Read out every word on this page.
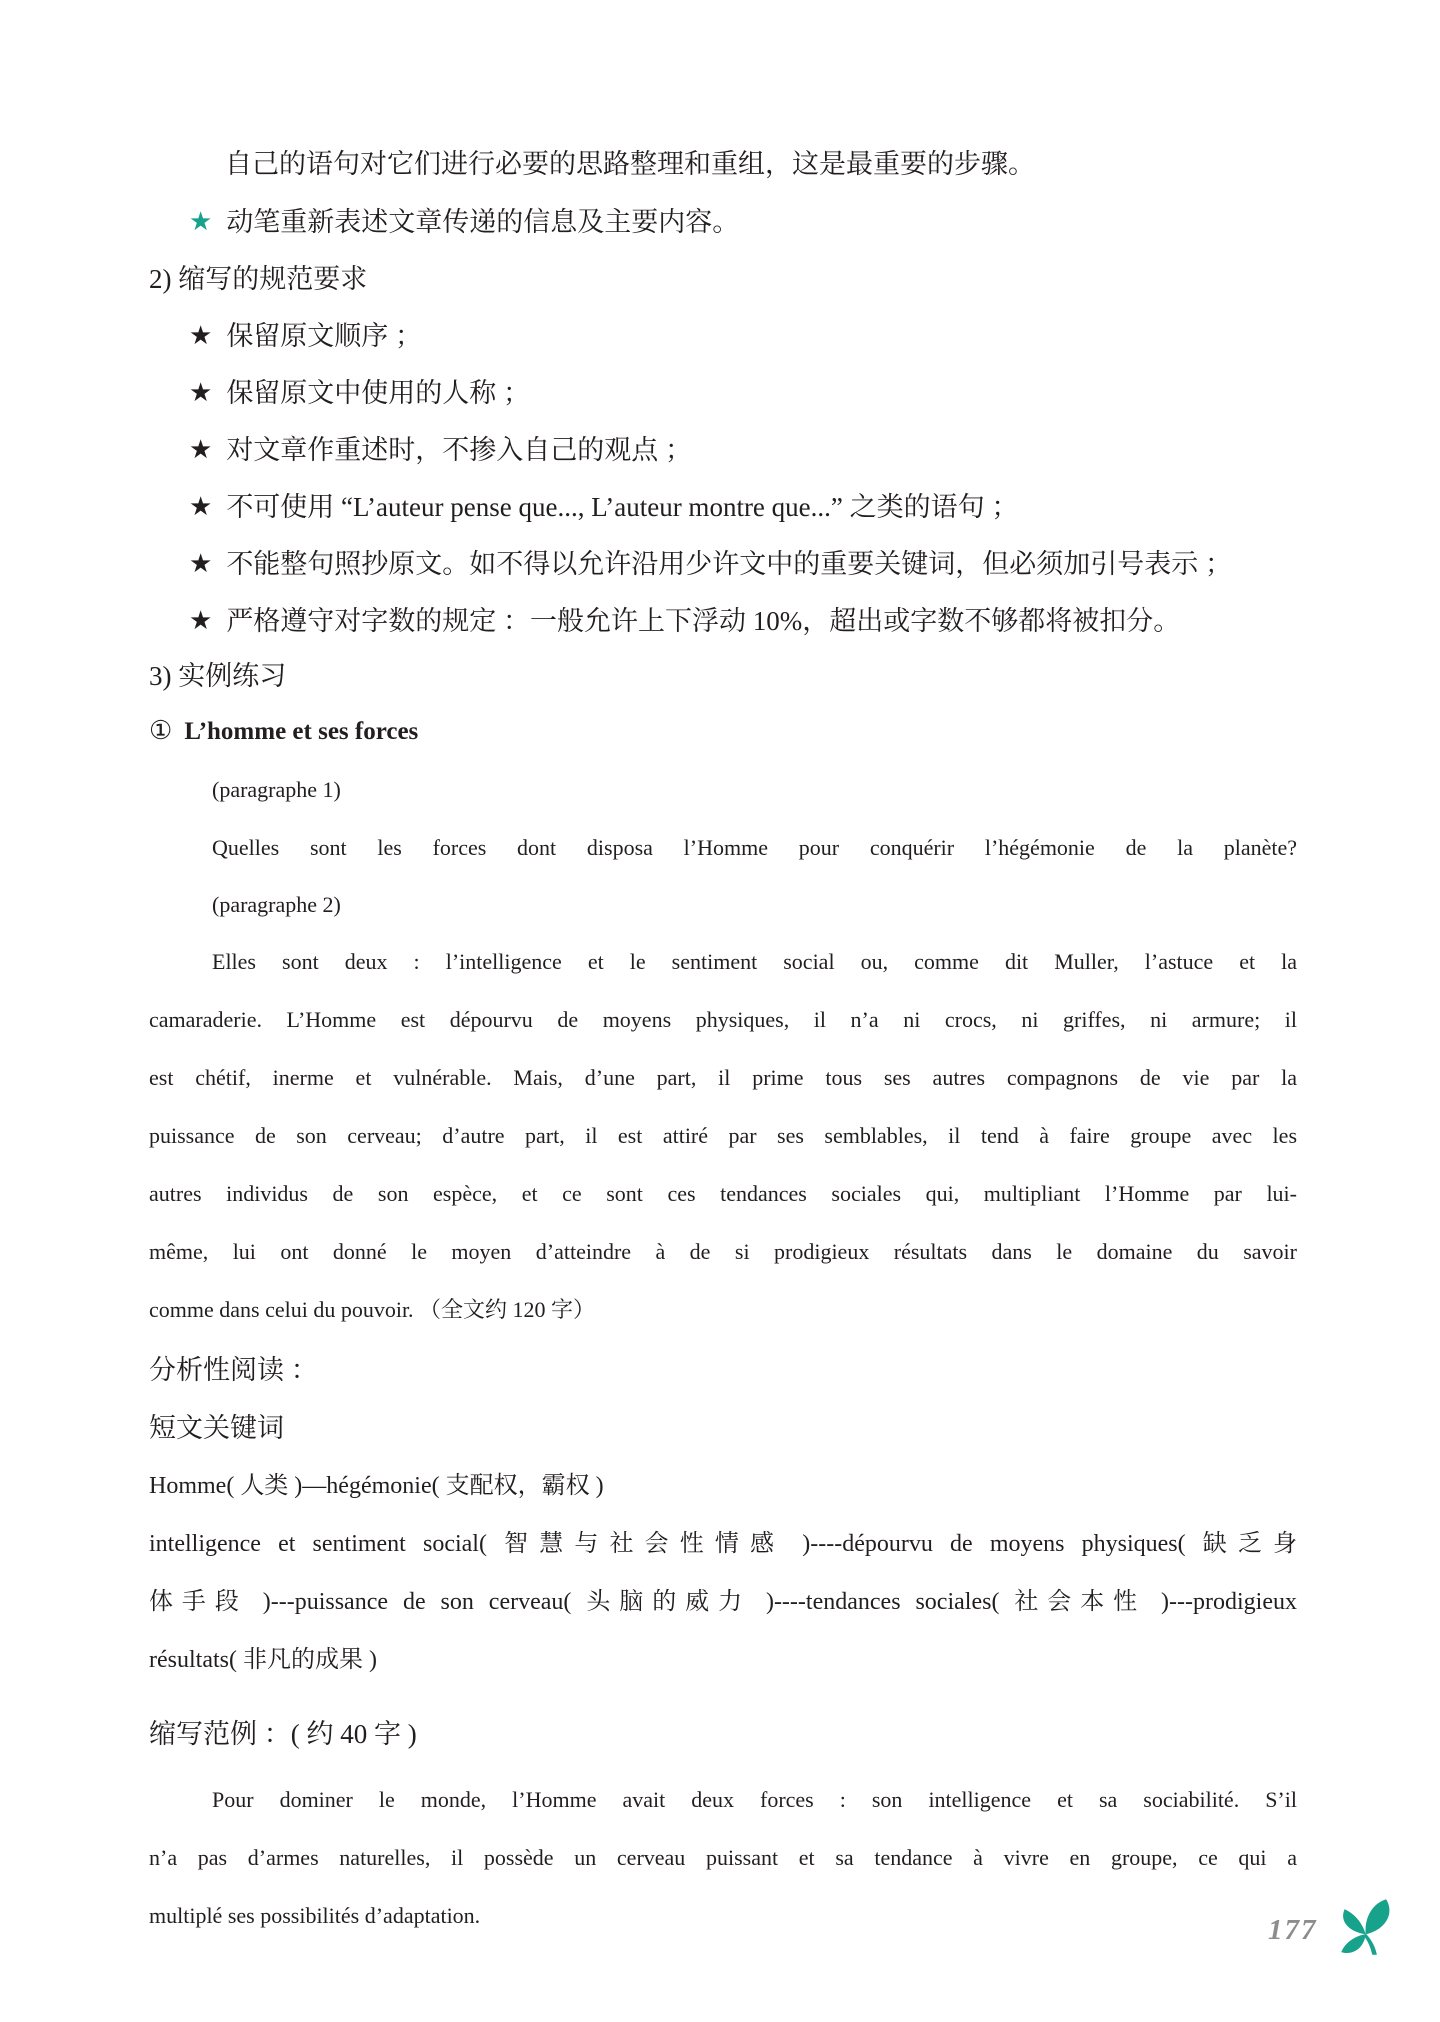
自己的语句对它们进行必要的思路整理和重组，这是最重要的步骤。

★ 动笔重新表述文章传递的信息及主要内容。

2) 缩写的规范要求

★ 保留原文顺序 ；

★ 保留原文中使用的人称 ；

★ 对文章作重述时，不掺入自己的观点 ；

★ 不可使用 “L’auteur pense que..., L’auteur montre que...” 之类的语句 ；

★ 不能整句照抄原文。如不得以允许沿用少许文中的重要关键词，但必须加引号表示 ；

★ 严格遵守对字数的规定 ：一般允许上下浮动 10%，超出或字数不够都将被扣分。

3) 实例练习

① L’homme et ses forces

(paragraphe 1)

Quelles sont les forces dont disposa l’Homme pour conquérir l’hégémonie de la planète?

(paragraphe 2)

Elles sont deux : l’intelligence et le sentiment social ou, comme dit Muller, l’astuce et la

camaraderie. L’Homme est dépourvu de moyens physiques, il n’a ni crocs, ni griffes, ni armure; il

est chétif, inerme et vulnérable. Mais, d’une part, il prime tous ses autres compagnons de vie par la

puissance de son cerveau; d’autre part, il est attiré par ses semblables, il tend à faire groupe avec les

autres individus de son espèce, et ce sont ces tendances sociales qui, multipliant l’Homme par lui-

même, lui ont donné le moyen d’atteindre à de si prodigieux résultats dans le domaine du savoir

comme dans celui du pouvoir. （全文约 120 字）

分析性阅读 ：

短文关键词

Homme( 人类 )—hégémonie( 支配权，霸权 )

intelligence et sentiment social( 智慧与社会性情感 )----dépourvu de moyens physiques( 缺乏身

体手段 )---puissance de son cerveau( 头脑的威力 )----tendances sociales( 社会本性 )---prodigieux

résultats( 非凡的成果 )

缩写范例 ：( 约 40 字 )

Pour dominer le monde, l’Homme avait deux forces : son intelligence et sa sociabilité. S’il

n’a pas d’armes naturelles, il possède un cerveau puissant et sa tendance à vivre en groupe, ce qui a

multiplé ses possibilités d’adaptation.	177
